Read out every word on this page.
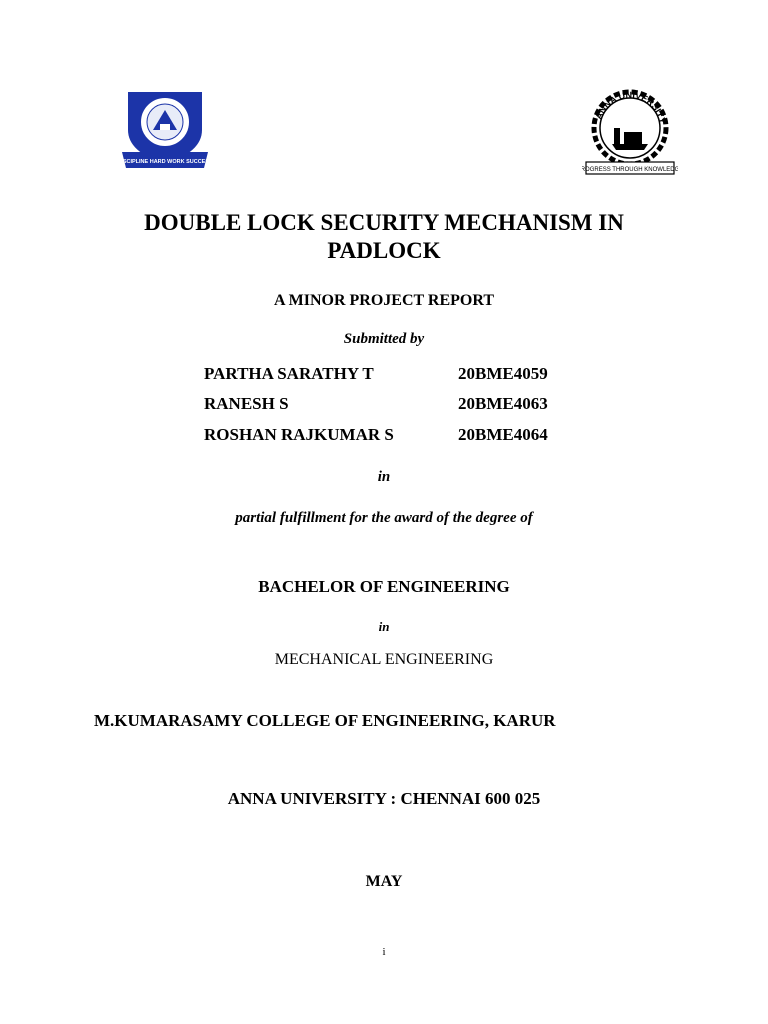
DISCIPLINE HARD WORK SUCCESS
ANNA UNIVERSITY
PROGRESS THROUGH KNOWLEDGE
DOUBLE LOCK SECURITY MECHANISM IN
PADLOCK
A MINOR PROJECT REPORT
Submitted by
PARTHA SARATHY T	20BME4059
RANESH S	20BME4063
ROSHAN RAJKUMAR S	20BME4064
in
partial fulfillment for the award of the degree of
BACHELOR OF ENGINEERING
in
MECHANICAL ENGINEERING
M.KUMARASAMY COLLEGE OF ENGINEERING, KARUR
ANNA UNIVERSITY : CHENNAI 600 025
MAY
i
